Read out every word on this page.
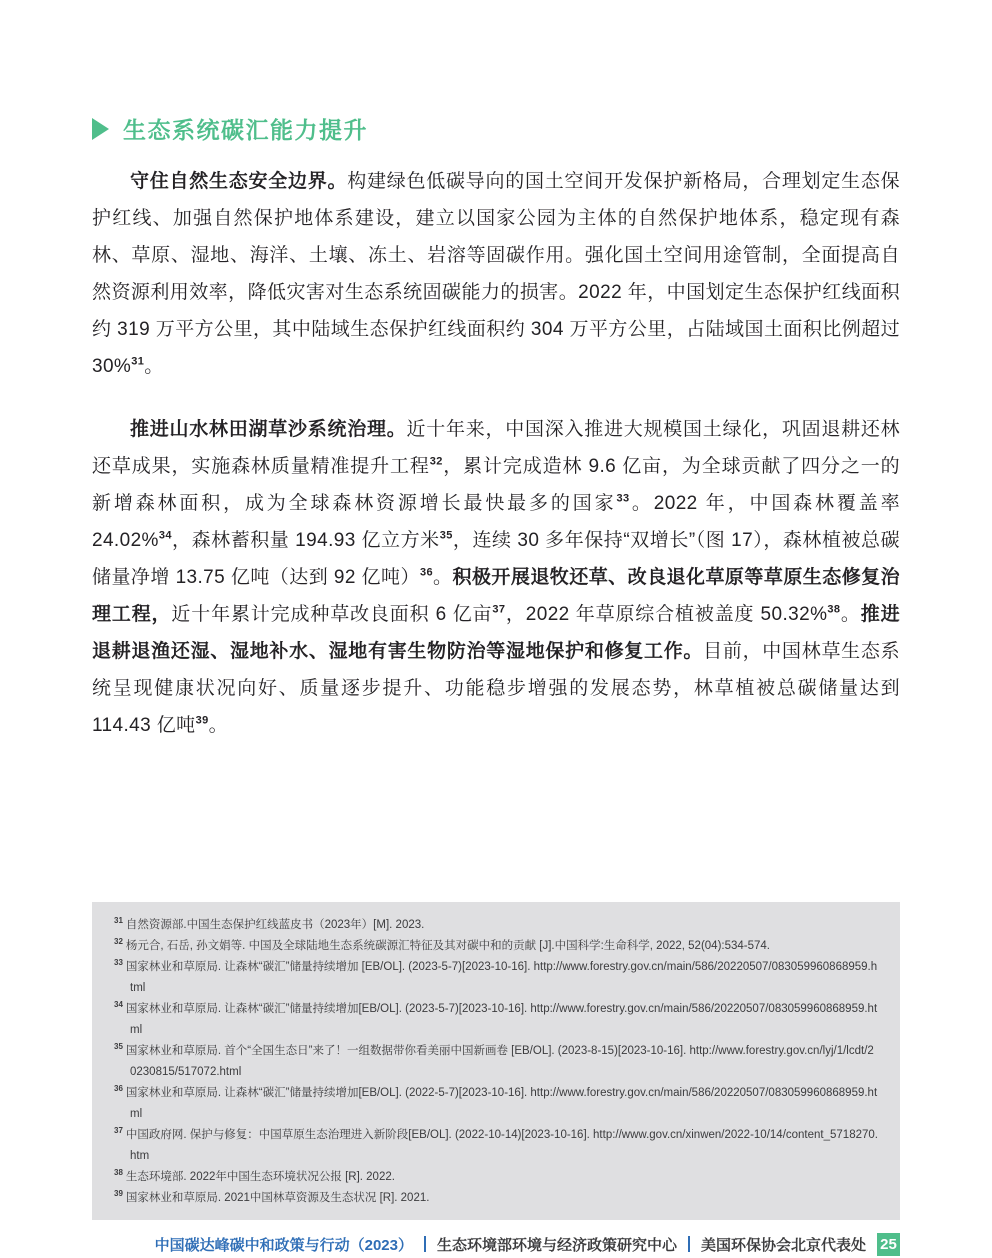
生态系统碳汇能力提升

守住自然生态安全边界。构建绿色低碳导向的国土空间开发保护新格局，合理划定生态保护红线、加强自然保护地体系建设，建立以国家公园为主体的自然保护地体系，稳定现有森林、草原、湿地、海洋、土壤、冻土、岩溶等固碳作用。强化国土空间用途管制，全面提高自然资源利用效率，降低灾害对生态系统固碳能力的损害。2022 年，中国划定生态保护红线面积约 319 万平方公里，其中陆域生态保护红线面积约 304 万平方公里，占陆域国土面积比例超过 30%$^{31}$。

推进山水林田湖草沙系统治理。近十年来，中国深入推进大规模国土绿化，巩固退耕还林还草成果，实施森林质量精准提升工程$^{32}$，累计完成造林 9.6 亿亩，为全球贡献了四分之一的新增森林面积，成为全球森林资源增长最快最多的国家$^{33}$。2022 年，中国森林覆盖率 24.02%$^{34}$，森林蓄积量 194.93 亿立方米$^{35}$，连续 30 多年保持“双增长”（图 17），森林植被总碳储量净增 13.75 亿吨（达到 92 亿吨）$^{36}$。积极开展退牧还草、改良退化草原等草原生态修复治理工程，近十年累计完成种草改良面积 6 亿亩$^{37}$，2022 年草原综合植被盖度 50.32%$^{38}$。推进退耕退渔还湿、湿地补水、湿地有害生物防治等湿地保护和修复工作。目前，中国林草生态系统呈现健康状况向好、质量逐步提升、功能稳步增强的发展态势，林草植被总碳储量达到 114.43 亿吨$^{39}$。

$^{31}$ 自然资源部.中国生态保护红线蓝皮书（2023年）[M]. 2023.
$^{32}$ 杨元合, 石岳, 孙文娟等. 中国及全球陆地生态系统碳源汇特征及其对碳中和的贡献 [J].中国科学:生命科学, 2022, 52(04):534-574.
$^{33}$ 国家林业和草原局. 让森林“碳汇”储量持续增加 [EB/OL]. (2023-5-7)[2023-10-16]. http://www.forestry.gov.cn/main/586/20220507/083059960868959.html
$^{34}$ 国家林业和草原局. 让森林“碳汇”储量持续增加[EB/OL]. (2023-5-7)[2023-10-16]. http://www.forestry.gov.cn/main/586/20220507/083059960868959.html
$^{35}$ 国家林业和草原局. 首个“全国生态日”来了！一组数据带你看美丽中国新画卷 [EB/OL]. (2023-8-15)[2023-10-16]. http://www.forestry.gov.cn/lyj/1/lcdt/20230815/517072.html
$^{36}$ 国家林业和草原局. 让森林“碳汇”储量持续增加[EB/OL]. (2022-5-7)[2023-10-16]. http://www.forestry.gov.cn/main/586/20220507/083059960868959.html
$^{37}$ 中国政府网. 保护与修复：中国草原生态治理进入新阶段[EB/OL]. (2022-10-14)[2023-10-16]. http://www.gov.cn/xinwen/2022-10/14/content_5718270.htm
$^{38}$ 生态环境部. 2022年中国生态环境状况公报 [R]. 2022.
$^{39}$ 国家林业和草原局. 2021中国林草资源及生态状况 [R]. 2021.
中国碳达峰碳中和政策与行动（2023） 生态环境部环境与经济政策研究中心 美国环保协会北京代表处 25
